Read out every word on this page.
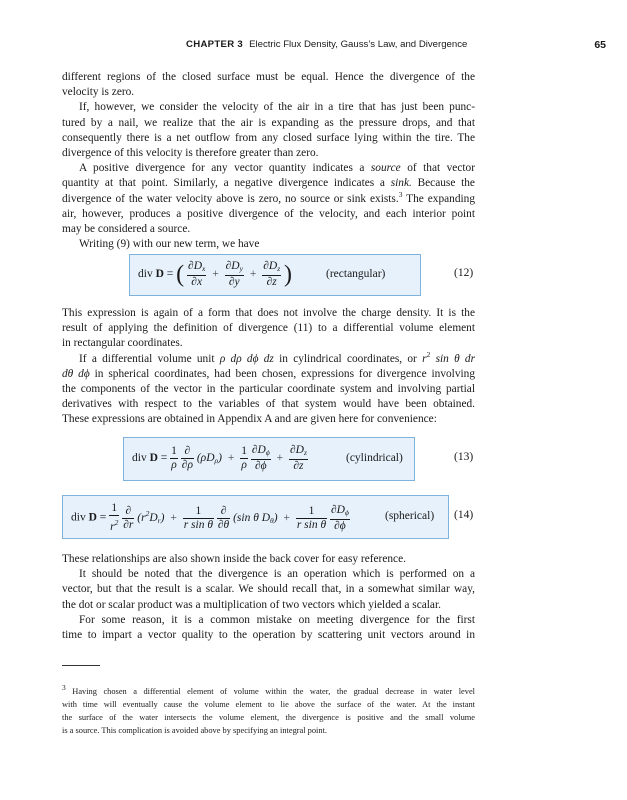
CHAPTER 3 Electric Flux Density, Gauss’s Law, and Divergence	65

different regions of the closed surface must be equal. Hence the divergence of the
velocity is zero.

If, however, we consider the velocity of the air in a tire that has just been punc-
tured by a nail, we realize that the air is expanding as the pressure drops, and that
consequently there is a net outflow from any closed surface lying within the tire. The
divergence of this velocity is therefore greater than zero.

A positive divergence for any vector quantity indicates a source of that vector
quantity at that point. Similarly, a negative divergence indicates a sink. Because the
divergence of the water velocity above is zero, no source or sink exists.$^3$ The expanding
air, however, produces a positive divergence of the velocity, and each interior point
may be considered a source.

Writing (9) with our new term, we have

div D = ( $\frac{\partial D_x}{\partial x} + \frac{\partial D_y}{\partial y} + \frac{\partial D_z}{\partial z}$ )	(rectangular)	(12)

This expression is again of a form that does not involve the charge density. It is the
result of applying the definition of divergence (11) to a differential volume element
in rectangular coordinates.

If a differential volume unit ρ dρ dϕ dz in cylindrical coordinates, or $r^2$ sin θ dr
dθ dϕ in spherical coordinates, had been chosen, expressions for divergence involving
the components of the vector in the particular coordinate system and involving partial
derivatives with respect to the variables of that system would have been obtained.
These expressions are obtained in Appendix A and are given here for convenience:

div $D = \frac{1}{\rho}$
$\frac{\partial}{\partial\rho} (\rho D_\rho) + \frac{1}{\rho}$
$\frac{\partial D_\phi}{\partial\phi} + \frac{\partial D_z}{\partial z}$	(cylindrical)	(13)
div $D = \frac{1}{r^2}$
$\frac{\partial}{\partial r} (r^2D_r) + \frac{1}{\text{r sin θ}}$
$\frac{\partial}{\partial\theta} (\sin$ θ $D_\theta) + \frac{1}{\text{r sin θ}}$
$\frac{\partial D_\phi}{\partial\phi}$	(spherical) (14)

These relationships are also shown inside the back cover for easy reference.

It should be noted that the divergence is an operation which is performed on a
vector, but that the result is a scalar. We should recall that, in a somewhat similar way,
the dot or scalar product was a multiplication of two vectors which yielded a scalar.

For some reason, it is a common mistake on meeting divergence for the first
time to impart a vector quality to the operation by scattering unit vectors around in

$^3$ Having chosen a differential element of volume within the water, the gradual decrease in water level
with time will eventually cause the volume element to lie above the surface of the water. At the instant
the surface of the water intersects the volume element, the divergence is positive and the small volume
is a source. This complication is avoided above by specifying an integral point.
